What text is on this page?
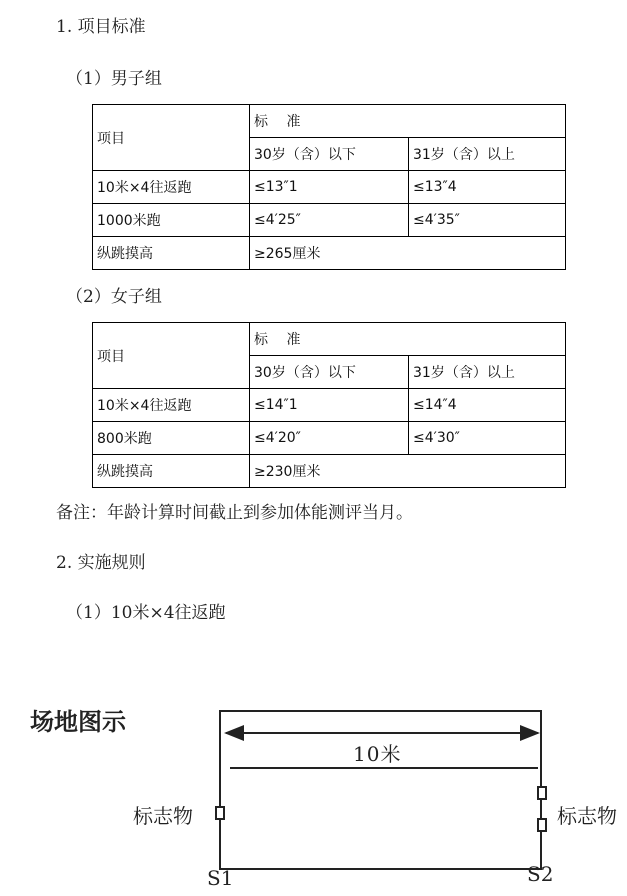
1. 项目标准
（1）男子组
项目	标　 准	
	30岁（含）以下	31岁（含）以上
10米×4往返跑	≤13″1	≤13″4
1000米跑	≤4′25″	≤4′35″
纵跳摸高	≥265厘米	
（2）女子组
项目	标　 准	
	30岁（含）以下	31岁（含）以上
10米×4往返跑	≤14″1	≤14″4
800米跑	≤4′20″	≤4′30″
纵跳摸高	≥230厘米	
备注：年龄计算时间截止到参加体能测评当月。
2. 实施规则
（1）10米×4往返跑
场地图示
10米
标志物	标志物
S1	S2
